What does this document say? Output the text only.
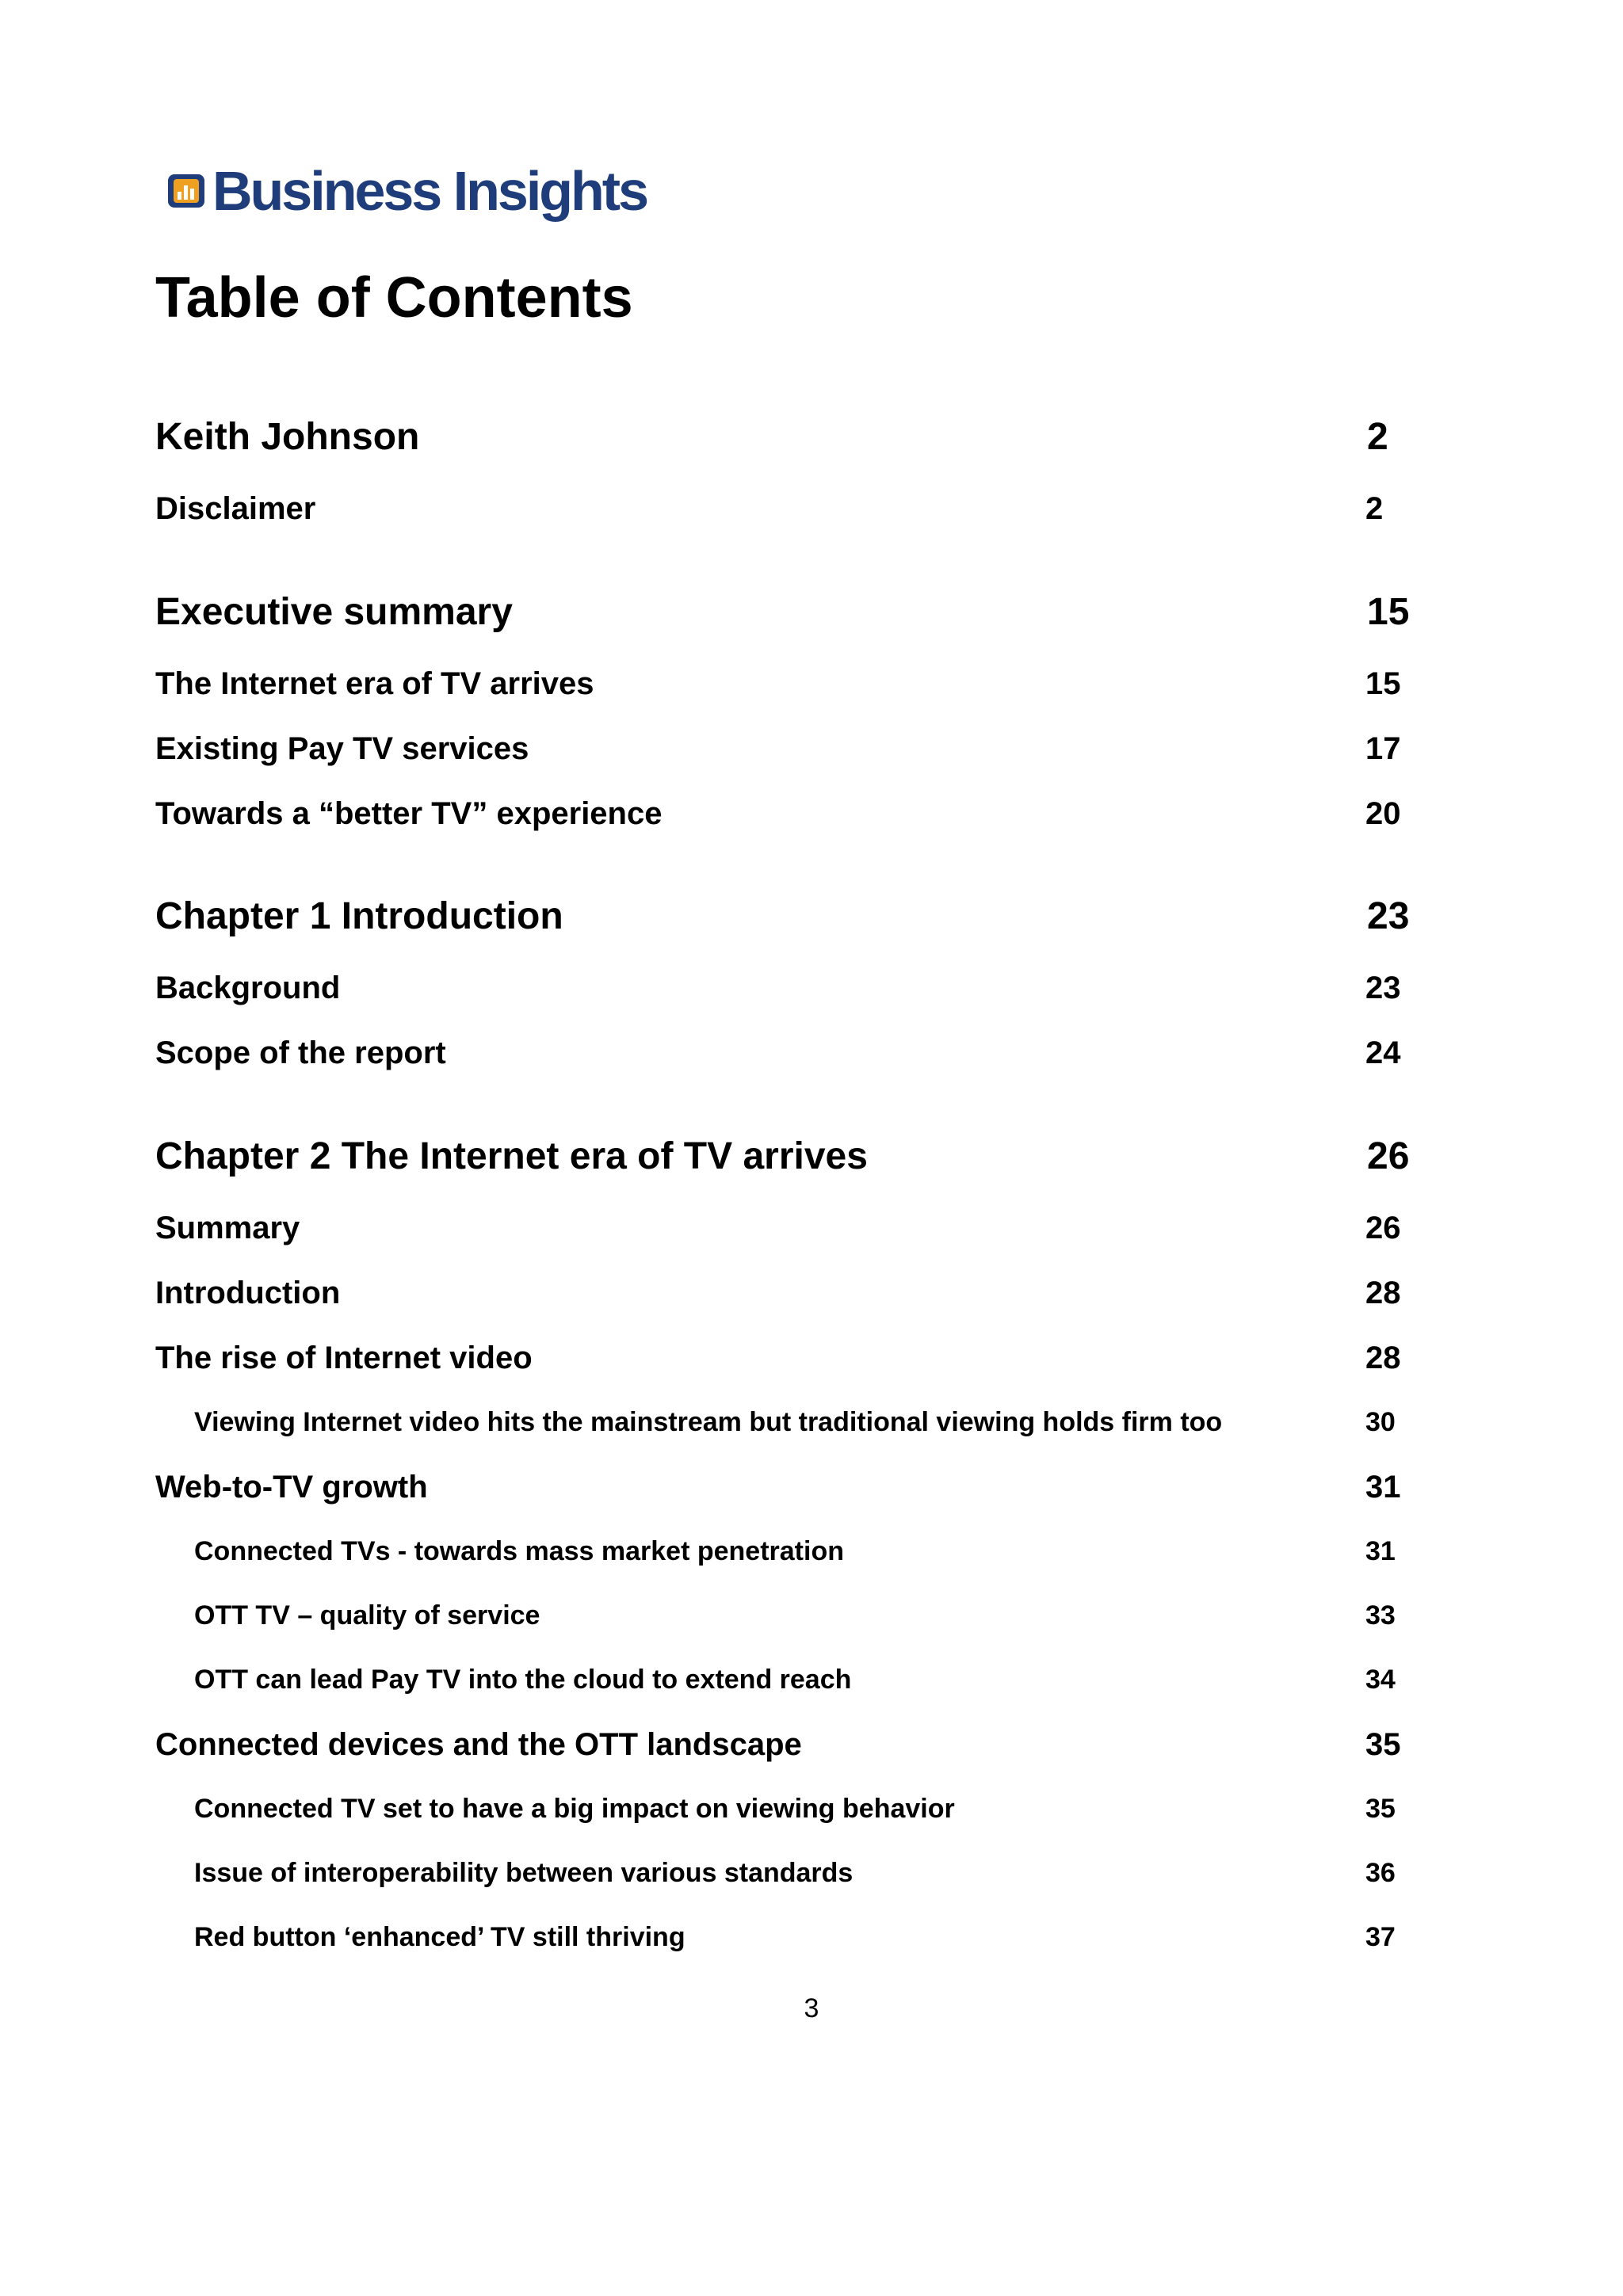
Business Insights
Table of Contents
Keith Johnson	2
Disclaimer	2
Executive summary	15
The Internet era of TV arrives	15
Existing Pay TV services	17
Towards a “better TV” experience	20
Chapter 1 Introduction	23
Background	23
Scope of the report	24
Chapter 2 The Internet era of TV arrives	26
Summary	26
Introduction	28
The rise of Internet video	28
Viewing Internet video hits the mainstream but traditional viewing holds firm too	30
Web-to-TV growth	31
Connected TVs - towards mass market penetration	31
OTT TV – quality of service	33
OTT can lead Pay TV into the cloud to extend reach	34
Connected devices and the OTT landscape	35
Connected TV set to have a big impact on viewing behavior	35
Issue of interoperability between various standards	36
Red button ‘enhanced’ TV still thriving	37
3
